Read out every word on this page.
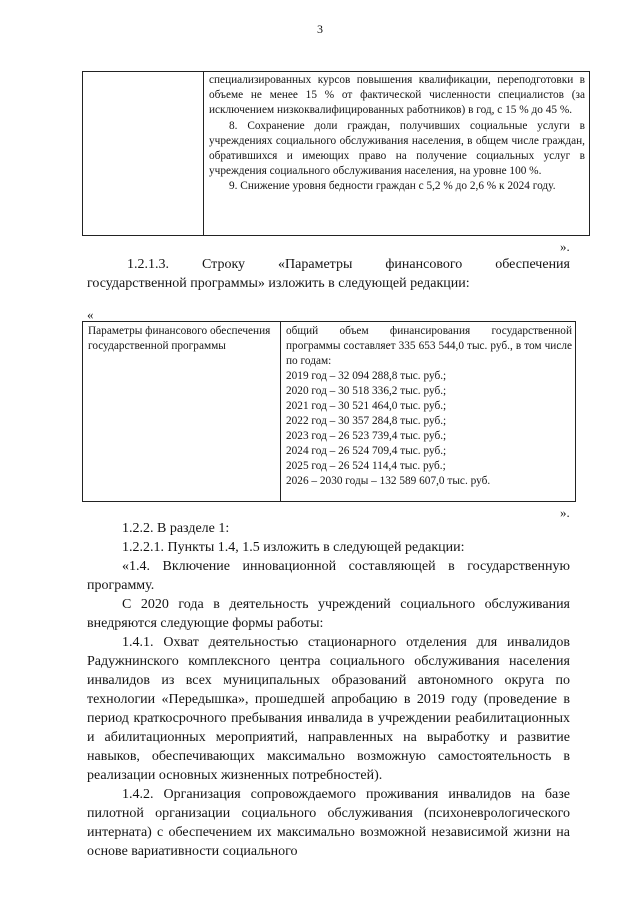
3

специализированных курсов повышения квалификации, переподготовки в объеме не менее 15 % от фактической численности специалистов (за исключением низкоквалифицированных работников) в год, с 15 % до 45 %.

8. Сохранение доли граждан, получивших социальные услуги в учреждениях социального обслуживания населения, в общем числе граждан, обратившихся и имеющих право на получение социальных услуг в учреждения социального обслуживания населения, на уровне 100 %.

9. Снижение уровня бедности граждан с 5,2 % до 2,6 % к 2024 году.

».
1.2.1.3. Строку «Параметры финансового обеспечения
государственной программы» изложить в следующей редакции:
«
Параметры финансового обеспечения государственной программы
общий объем финансирования государственной программы составляет 335 653 544,0 тыс. руб., в том числе по годам:
2019 год – 32 094 288,8 тыс. руб.;
2020 год – 30 518 336,2 тыс. руб.;
2021 год – 30 521 464,0 тыс. руб.;
2022 год – 30 357 284,8 тыс. руб.;
2023 год – 26 523 739,4 тыс. руб.;
2024 год – 26 524 709,4 тыс. руб.;
2025 год – 26 524 114,4 тыс. руб.;
2026 – 2030 годы – 132 589 607,0 тыс. руб.
».

1.2.2. В разделе 1:

1.2.2.1. Пункты 1.4, 1.5 изложить в следующей редакции:

«1.4. Включение инновационной составляющей в государственную программу.

С 2020 года в деятельность учреждений социального обслуживания внедряются следующие формы работы:

1.4.1. Охват деятельностью стационарного отделения для инвалидов Радужнинского комплексного центра социального обслуживания населения инвалидов из всех муниципальных образований автономного округа по технологии «Передышка», прошедшей апробацию в 2019 году (проведение в период краткосрочного пребывания инвалида в учреждении реабилитационных и абилитационных мероприятий, направленных на выработку и развитие навыков, обеспечивающих максимально возможную самостоятельность в реализации основных жизненных потребностей).

1.4.2. Организация сопровождаемого проживания инвалидов на базе пилотной организации социального обслуживания (психоневрологического интерната) с обеспечением их максимально возможной независимой жизни на основе вариативности социального
